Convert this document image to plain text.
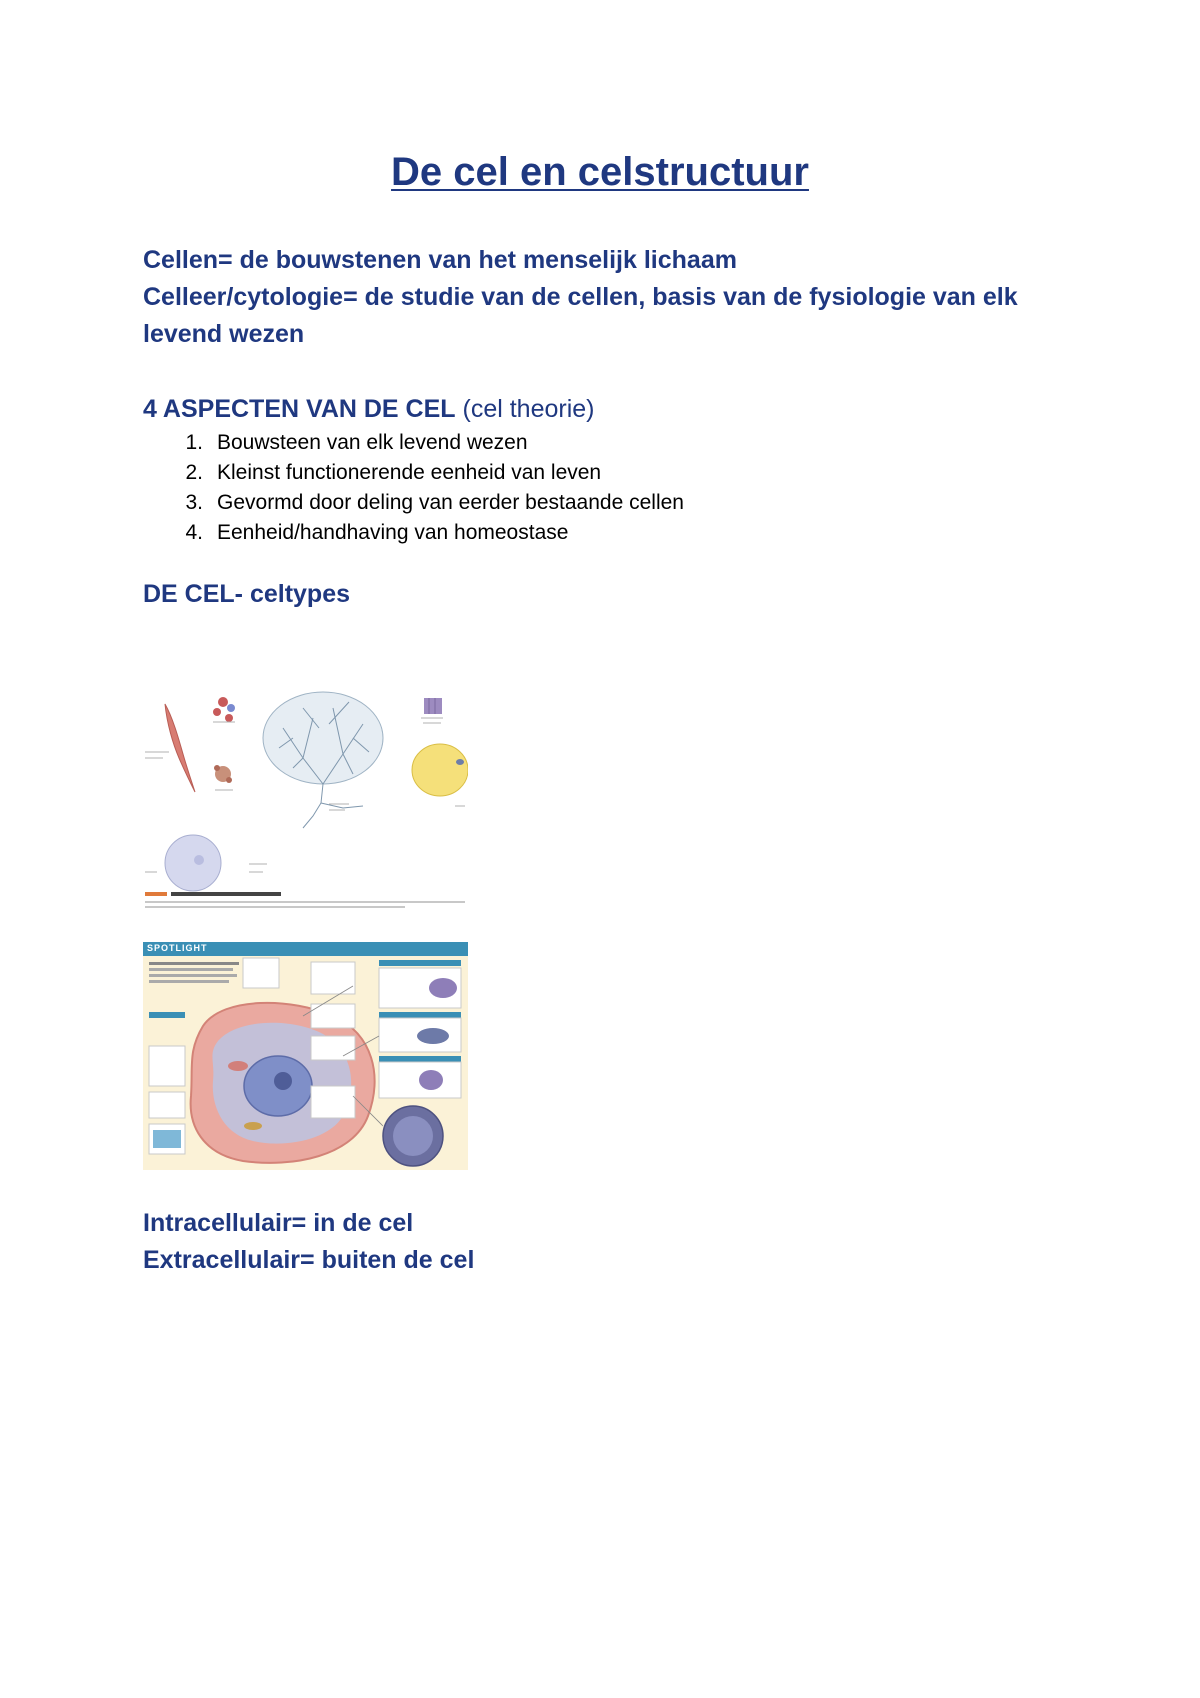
De cel en celstructuur
Cellen= de bouwstenen van het menselijk lichaam
Celleer/cytologie= de studie van de cellen, basis van de fysiologie van elk
levend wezen
4 ASPECTEN VAN DE CEL (cel theorie)
1. Bouwsteen van elk levend wezen
2. Kleinst functionerende eenheid van leven
3. Gevormd door deling van eerder bestaande cellen
4. Eenheid/handhaving van homeostase
DE CEL- celtypes
SPOTLIGHT
Intracellulair= in de cel
Extracellulair= buiten de cel
